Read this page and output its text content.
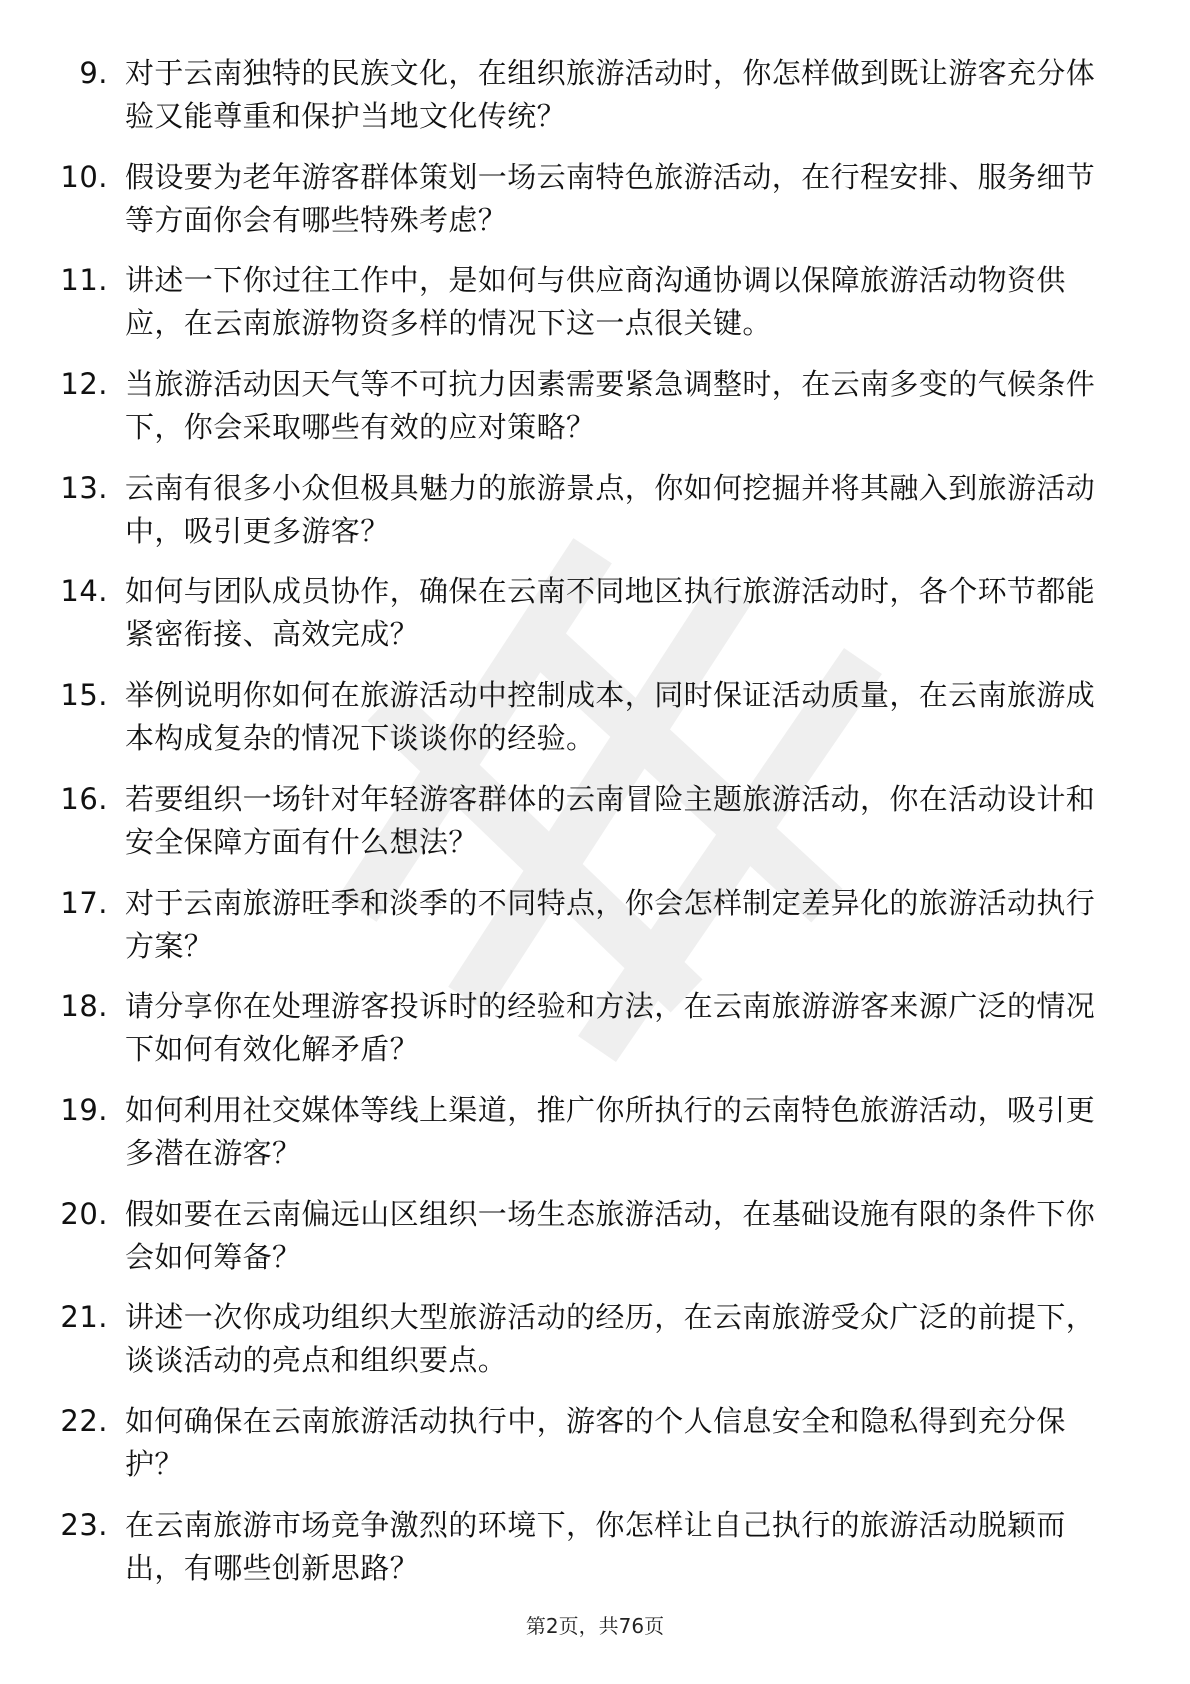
9. 对于云南独特的民族文化，在组织旅游活动时，你怎样做到既让游客充分体验又能尊重和保护当地文化传统？
10. 假设要为老年游客群体策划一场云南特色旅游活动，在行程安排、服务细节等方面你会有哪些特殊考虑？
11. 讲述一下你过往工作中，是如何与供应商沟通协调以保障旅游活动物资供应，在云南旅游物资多样的情况下这一点很关键。
12. 当旅游活动因天气等不可抗力因素需要紧急调整时，在云南多变的气候条件下，你会采取哪些有效的应对策略？
13. 云南有很多小众但极具魅力的旅游景点，你如何挖掘并将其融入到旅游活动中，吸引更多游客？
14. 如何与团队成员协作，确保在云南不同地区执行旅游活动时，各个环节都能紧密衔接、高效完成？
15. 举例说明你如何在旅游活动中控制成本，同时保证活动质量，在云南旅游成本构成复杂的情况下谈谈你的经验。
16. 若要组织一场针对年轻游客群体的云南冒险主题旅游活动，你在活动设计和安全保障方面有什么想法？
17. 对于云南旅游旺季和淡季的不同特点，你会怎样制定差异化的旅游活动执行方案？
18. 请分享你在处理游客投诉时的经验和方法，在云南旅游游客来源广泛的情况下如何有效化解矛盾？
19. 如何利用社交媒体等线上渠道，推广你所执行的云南特色旅游活动，吸引更多潜在游客？
20. 假如要在云南偏远山区组织一场生态旅游活动，在基础设施有限的条件下你会如何筹备？
21. 讲述一次你成功组织大型旅游活动的经历，在云南旅游受众广泛的前提下，谈谈活动的亮点和组织要点。
22. 如何确保在云南旅游活动执行中，游客的个人信息安全和隐私得到充分保护？
23. 在云南旅游市场竞争激烈的环境下，你怎样让自己执行的旅游活动脱颖而出，有哪些创新思路？
第2页，共76页
